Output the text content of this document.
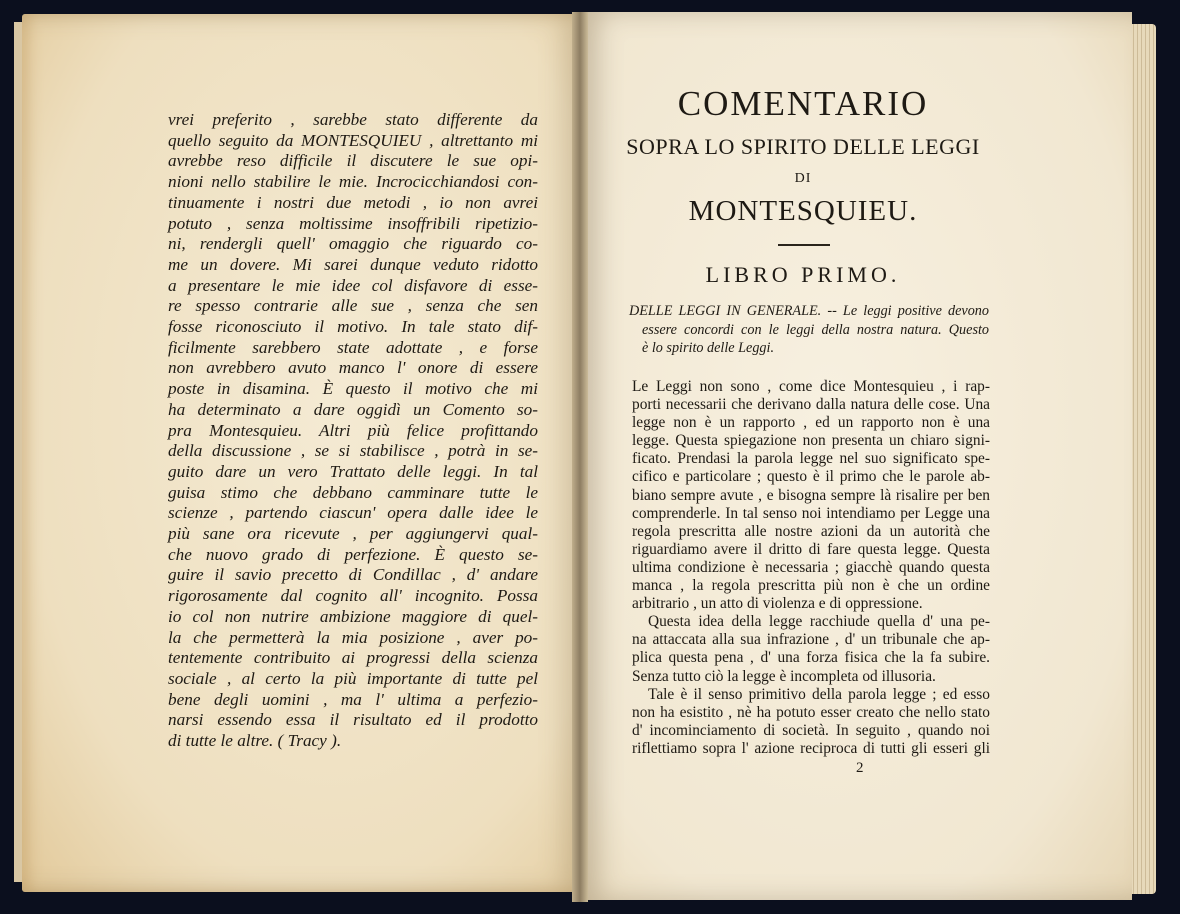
vrei preferito , sarebbe stato differente da
quello seguito da MONTESQUIEU , altrettanto mi
avrebbe reso difficile il discutere le sue opi-
nioni nello stabilire le mie. Incrocicchiandosi con-
tinuamente i nostri due metodi , io non avrei
potuto , senza moltissime insoffribili ripetizio-
ni, rendergli quell' omaggio che riguardo co-
me un dovere. Mi sarei dunque veduto ridotto
a presentare le mie idee col disfavore di esse-
re spesso contrarie alle sue , senza che sen
fosse riconosciuto il motivo. In tale stato dif-
ficilmente sarebbero state adottate , e forse
non avrebbero avuto manco l' onore di essere
poste in disamina. È questo il motivo che mi
ha determinato a dare oggidì un Comento so-
pra Montesquieu. Altri più felice profittando
della discussione , se si stabilisce , potrà in se-
guito dare un vero Trattato delle leggi. In tal
guisa stimo che debbano camminare tutte le
scienze , partendo ciascun' opera dalle idee le
più sane ora ricevute , per aggiungervi qual-
che nuovo grado di perfezione. È questo se-
guire il savio precetto di Condillac , d' andare
rigorosamente dal cognito all' incognito. Possa
io col non nutrire ambizione maggiore di quel-
la che permetterà la mia posizione , aver po-
tentemente contribuito ai progressi della scienza
sociale , al certo la più importante di tutte pel
bene degli uomini , ma l' ultima a perfezio-
narsi essendo essa il risultato ed il prodotto
di tutte le altre. ( Tracy ).
COMENTARIO
SOPRA LO SPIRITO DELLE LEGGI
DI
MONTESQUIEU.
LIBRO PRIMO.
DELLE LEGGI IN GENERALE. -- Le leggi positive devono
essere concordi con le leggi della nostra natura. Questo
è lo spirito delle Leggi.
Le Leggi non sono , come dice Montesquieu , i rap-
porti necessarii che derivano dalla natura delle cose. Una
legge non è un rapporto , ed un rapporto non è una
legge. Questa spiegazione non presenta un chiaro signi-
ficato. Prendasi la parola legge nel suo significato spe-
cifico e particolare ; questo è il primo che le parole ab-
biano sempre avute , e bisogna sempre là risalire per ben
comprenderle. In tal senso noi intendiamo per Legge una
regola prescritta alle nostre azioni da un autorità che
riguardiamo avere il dritto di fare questa legge. Questa
ultima condizione è necessaria ; giacchè quando questa
manca , la regola prescritta più non è che un ordine
arbitrario , un atto di violenza e di oppressione.
Questa idea della legge racchiude quella d' una pe-
na attaccata alla sua infrazione , d' un tribunale che ap-
plica questa pena , d' una forza fisica che la fa subire.
Senza tutto ciò la legge è incompleta od illusoria.
Tale è il senso primitivo della parola legge ; ed esso
non ha esistito , nè ha potuto esser creato che nello stato
d' incominciamento di società. In seguito , quando noi
riflettiamo sopra l' azione reciproca di tutti gli esseri gli
2
